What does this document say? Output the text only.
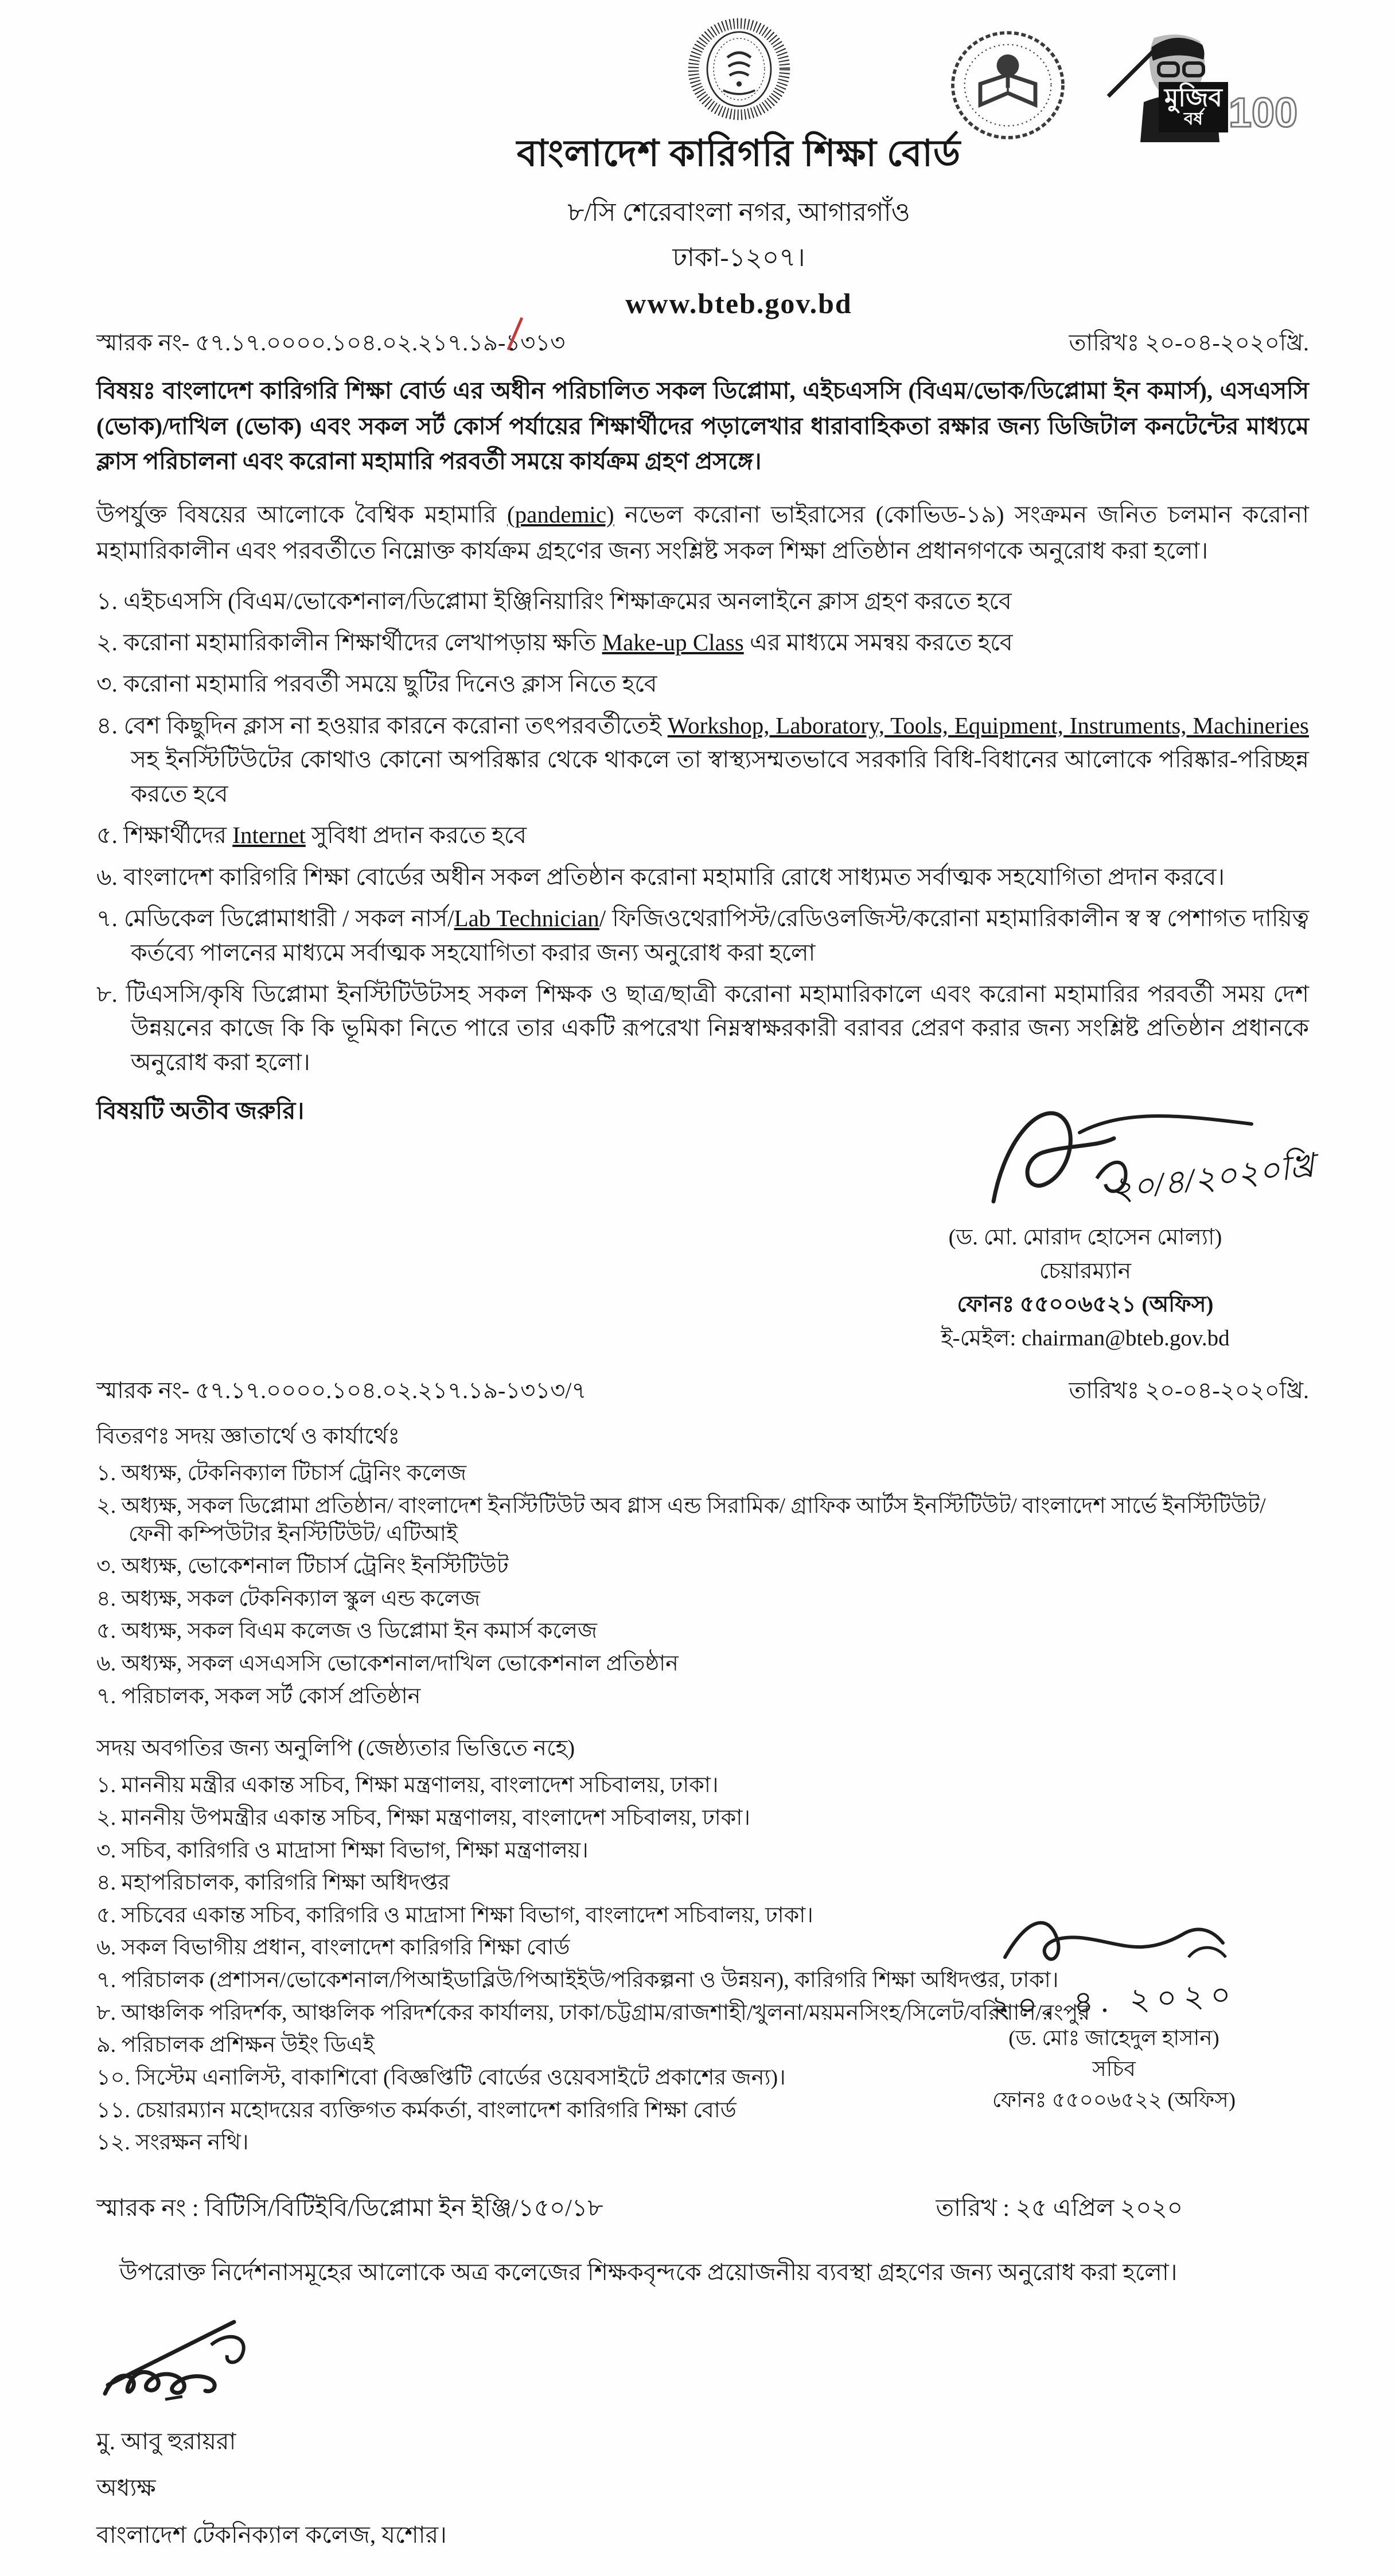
বাংলাদেশ কারিগরি শিক্ষা বোর্ড
৮/সি শেরেবাংলা নগর, আগারগাঁও
ঢাকা-১২০৭।
www.bteb.gov.bd
মুজিব
বর্ষ 100
স্মারক নং- ৫৭.১৭.০০০০.১০৪.০২.২১৭.১৯-১৩১৩	তারিখঃ ২০-০৪-২০২০খ্রি.
বিষয়ঃ বাংলাদেশ কারিগরি শিক্ষা বোর্ড এর অধীন পরিচালিত সকল ডিপ্লোমা, এইচএসসি (বিএম/ভোক/ডিপ্লোমা ইন কমার্স), এসএসসি (ভোক)/দাখিল (ভোক) এবং সকল সর্ট কোর্স পর্যায়ের শিক্ষার্থীদের পড়ালেখার ধারাবাহিকতা রক্ষার জন্য ডিজিটাল কনটেন্টের মাধ্যমে ক্লাস পরিচালনা এবং করোনা মহামারি পরবর্তী সময়ে কার্যক্রম গ্রহণ প্রসঙ্গে।
উপর্যুক্ত বিষয়ের আলোকে বৈশ্বিক মহামারি (pandemic) নভেল করোনা ভাইরাসের (কোভিড-১৯) সংক্রমন জনিত চলমান করোনা মহামারিকালীন এবং পরবর্তীতে নিম্নোক্ত কার্যক্রম গ্রহণের জন্য সংশ্লিষ্ট সকল শিক্ষা প্রতিষ্ঠান প্রধানগণকে অনুরোধ করা হলো।
১. এইচএসসি (বিএম/ভোকেশনাল/ডিপ্লোমা ইঞ্জিনিয়ারিং শিক্ষাক্রমের অনলাইনে ক্লাস গ্রহণ করতে হবে
২. করোনা মহামারিকালীন শিক্ষার্থীদের লেখাপড়ায় ক্ষতি Make-up Class এর মাধ্যমে সমন্বয় করতে হবে
৩. করোনা মহামারি পরবর্তী সময়ে ছুটির দিনেও ক্লাস নিতে হবে
৪. বেশ কিছুদিন ক্লাস না হওয়ার কারনে করোনা তৎপরবর্তীতেই Workshop, Laboratory, Tools, Equipment, Instruments, Machineries সহ ইনস্টিটিউটের কোথাও কোনো অপরিষ্কার থেকে থাকলে তা স্বাস্থ্যসম্মতভাবে সরকারি বিধি-বিধানের আলোকে পরিষ্কার-পরিচ্ছন্ন করতে হবে
৫. শিক্ষার্থীদের Internet সুবিধা প্রদান করতে হবে
৬. বাংলাদেশ কারিগরি শিক্ষা বোর্ডের অধীন সকল প্রতিষ্ঠান করোনা মহামারি রোধে সাধ্যমত সর্বাত্মক সহযোগিতা প্রদান করবে।
৭. মেডিকেল ডিপ্লোমাধারী / সকল নার্স/Lab Technician/ ফিজিওথেরাপিস্ট/রেডিওলজিস্ট/করোনা মহামারিকালীন স্ব স্ব পেশাগত দায়িত্ব কর্তব্যে পালনের মাধ্যমে সর্বাত্মক সহযোগিতা করার জন্য অনুরোধ করা হলো
৮. টিএসসি/কৃষি ডিপ্লোমা ইনস্টিটিউটসহ সকল শিক্ষক ও ছাত্র/ছাত্রী করোনা মহামারিকালে এবং করোনা মহামারির পরবর্তী সময় দেশ উন্নয়নের কাজে কি কি ভূমিকা নিতে পারে তার একটি রূপরেখা নিম্নস্বাক্ষরকারী বরাবর প্রেরণ করার জন্য সংশ্লিষ্ট প্রতিষ্ঠান প্রধানকে অনুরোধ করা হলো।
বিষয়টি অতীব জরুরি।
২০/৪/২০২০খ্রি
(ড. মো. মোরাদ হোসেন মোল্যা)
চেয়ারম্যান
ফোনঃ ৫৫০০৬৫২১ (অফিস)
ই-মেইল: chairman@bteb.gov.bd
স্মারক নং- ৫৭.১৭.০০০০.১০৪.০২.২১৭.১৯-১৩১৩/৭	তারিখঃ ২০-০৪-২০২০খ্রি.
বিতরণঃ সদয় জ্ঞাতার্থে ও কার্যার্থেঃ
১. অধ্যক্ষ, টেকনিক্যাল টিচার্স ট্রেনিং কলেজ
২. অধ্যক্ষ, সকল ডিপ্লোমা প্রতিষ্ঠান/ বাংলাদেশ ইনস্টিটিউট অব গ্লাস এন্ড সিরামিক/ গ্রাফিক আর্টস ইনস্টিটিউট/ বাংলাদেশ সার্ভে ইনস্টিটিউট/ ফেনী কম্পিউটার ইনস্টিটিউট/ এটিআই
৩. অধ্যক্ষ, ভোকেশনাল টিচার্স ট্রেনিং ইনস্টিটিউট
৪. অধ্যক্ষ, সকল টেকনিক্যাল স্কুল এন্ড কলেজ
৫. অধ্যক্ষ, সকল বিএম কলেজ ও ডিপ্লোমা ইন কমার্স কলেজ
৬. অধ্যক্ষ, সকল এসএসসি ভোকেশনাল/দাখিল ভোকেশনাল প্রতিষ্ঠান
৭. পরিচালক, সকল সর্ট কোর্স প্রতিষ্ঠান
সদয় অবগতির জন্য অনুলিপি (জেষ্ঠ্যতার ভিত্তিতে নহে)
১. মাননীয় মন্ত্রীর একান্ত সচিব, শিক্ষা মন্ত্রণালয়, বাংলাদেশ সচিবালয়, ঢাকা।
২. মাননীয় উপমন্ত্রীর একান্ত সচিব, শিক্ষা মন্ত্রণালয়, বাংলাদেশ সচিবালয়, ঢাকা।
৩. সচিব, কারিগরি ও মাদ্রাসা শিক্ষা বিভাগ, শিক্ষা মন্ত্রণালয়।
৪. মহাপরিচালক, কারিগরি শিক্ষা অধিদপ্তর
৫. সচিবের একান্ত সচিব, কারিগরি ও মাদ্রাসা শিক্ষা বিভাগ, বাংলাদেশ সচিবালয়, ঢাকা।
৬. সকল বিভাগীয় প্রধান, বাংলাদেশ কারিগরি শিক্ষা বোর্ড
৭. পরিচালক (প্রশাসন/ভোকেশনাল/পিআইডাব্লিউ/পিআইইউ/পরিকল্পনা ও উন্নয়ন), কারিগরি শিক্ষা অধিদপ্তর, ঢাকা।
৮. আঞ্চলিক পরিদর্শক, আঞ্চলিক পরিদর্শকের কার্যালয়, ঢাকা/চট্টগ্রাম/রাজশাহী/খুলনা/ময়মনসিংহ/সিলেট/বরিশাল/রংপুর
৯. পরিচালক প্রশিক্ষন উইং ডিএই
১০. সিস্টেম এনালিস্ট, বাকাশিবো (বিজ্ঞপ্তিটি বোর্ডের ওয়েবসাইটে প্রকাশের জন্য)।
১১. চেয়ারম্যান মহোদয়ের ব্যক্তিগত কর্মকর্তা, বাংলাদেশ কারিগরি শিক্ষা বোর্ড
১২. সংরক্ষন নথি।
২০. ৪. ২০২০
(ড. মোঃ জাহেদুল হাসান)
সচিব
ফোনঃ ৫৫০০৬৫২২ (অফিস)
স্মারক নং : বিটিসি/বিটিইবি/ডিপ্লোমা ইন ইঞ্জি/১৫০/১৮	তারিখ : ২৫ এপ্রিল ২০২০
উপরোক্ত নির্দেশনাসমূহের আলোকে অত্র কলেজের শিক্ষকবৃন্দকে প্রয়োজনীয় ব্যবস্থা গ্রহণের জন্য অনুরোধ করা হলো।
মু. আবু হুরায়রা
অধ্যক্ষ
বাংলাদেশ টেকনিক্যাল কলেজ, যশোর।
